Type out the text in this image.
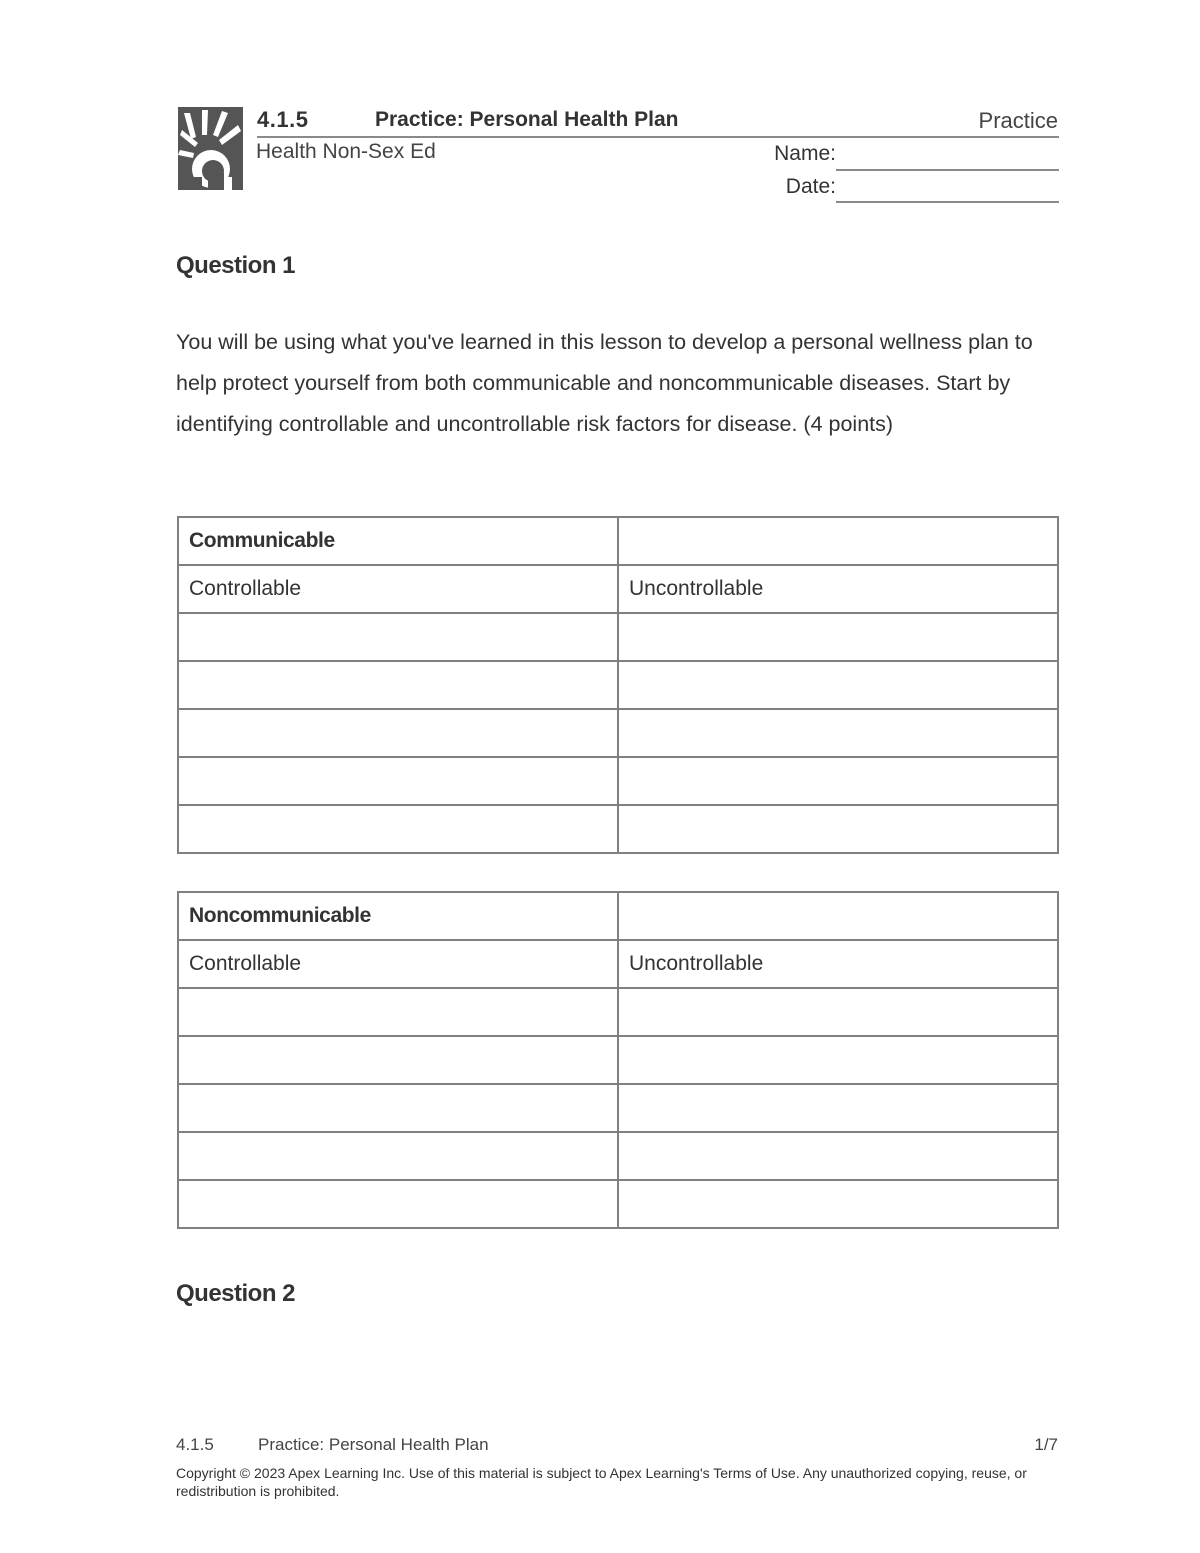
4.1.5	Practice: Personal Health Plan	Practice
Health Non-Sex Ed	Name:
Date:
Question 1
You will be using what you've learned in this lesson to develop a personal wellness plan to help protect yourself from both communicable and noncommunicable diseases. Start by identifying controllable and uncontrollable risk factors for disease. (4 points)
Communicable	
Controllable	Uncontrollable

Noncommunicable	
Controllable	Uncontrollable

Question 2
4.1.5	Practice: Personal Health Plan	1/7
Copyright © 2023 Apex Learning Inc. Use of this material is subject to Apex Learning's Terms of Use. Any unauthorized copying, reuse, or redistribution is prohibited.
